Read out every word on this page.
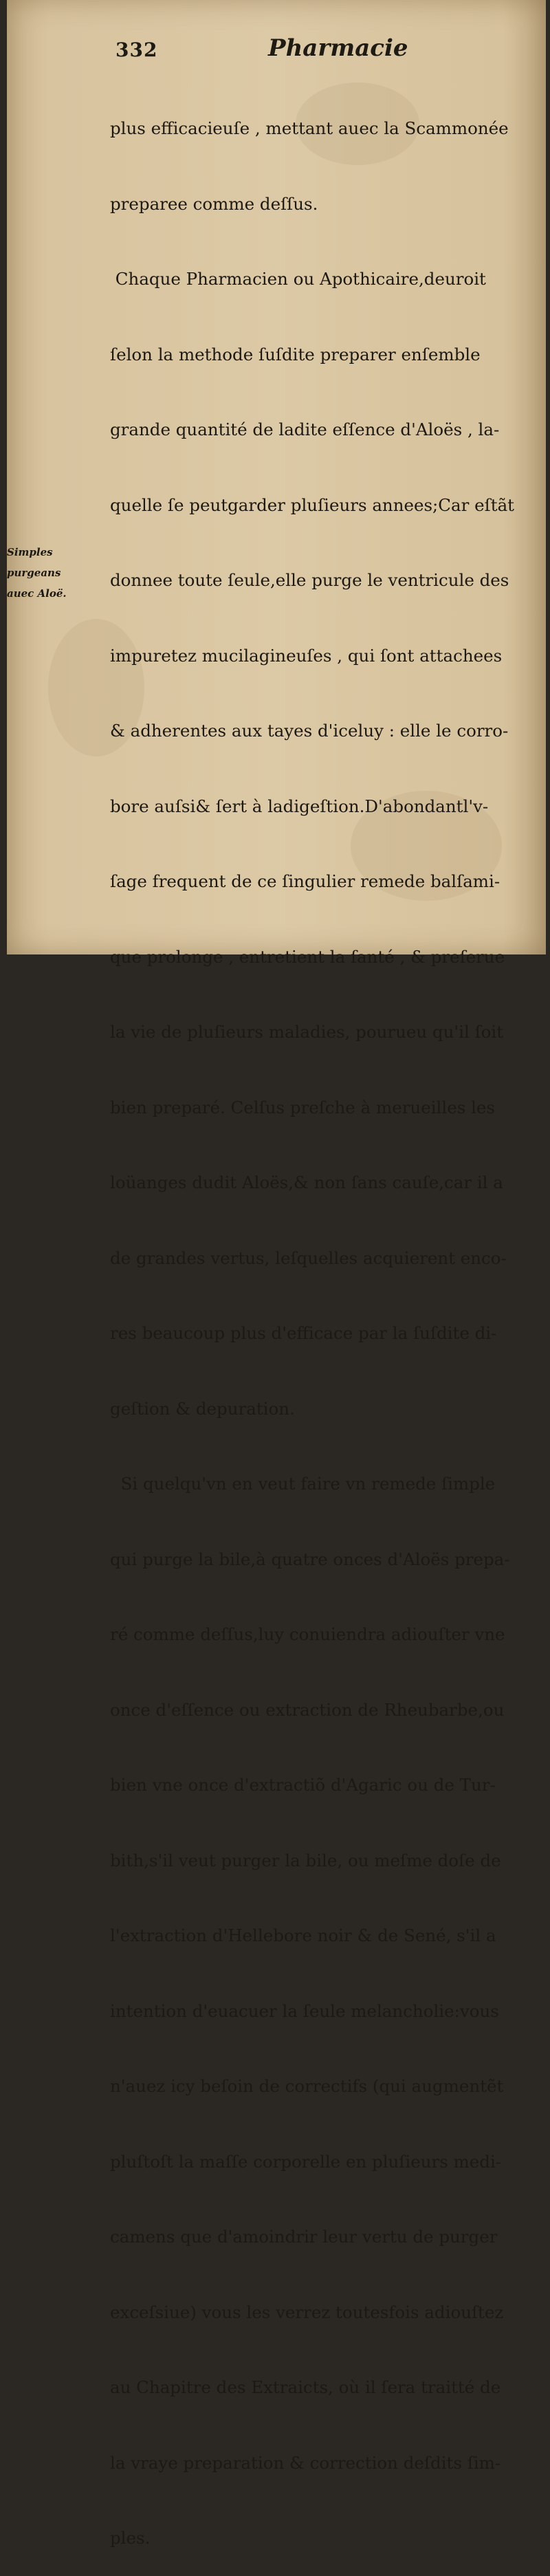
332	Pharmacie
Simples
purgeans
auec Aloë.

plus efficacieuſe , mettant auec la Scammonée

preparee comme deſſus.

Chaque Pharmacien ou Apothicaire,deuroit

ſelon la methode ſuſdite preparer enſemble

grande quantité de ladite eſſence d'Aloës , la-

quelle ſe peutgarder pluſieurs annees;Car eſtãt

donnee toute ſeule,elle purge le ventricule des

impuretez mucilagineuſes , qui ſont attachees

& adherentes aux tayes d'iceluy : elle le corro-

bore auſsi& ſert à ladigeſtion.D'abondantl'v-

ſage frequent de ce ſingulier remede balſami-

que prolonge , entretient la ſanté , & preſerue

la vie de pluſieurs maladies, pourueu qu'il ſoit

bien preparé. Celſus preſche à merueilles les

loüanges dudit Aloës,& non ſans cauſe,car il a

de grandes vertus, leſquelles acquierent enco-

res beaucoup plus d'efficace par la ſuſdite di-

geſtion & depuration.

Si quelqu'vn en veut faire vn remede ſimple

qui purge la bile,à quatre onces d'Aloës prepa-

ré comme deſſus,luy conuiendra adiouſter vne

once d'eſſence ou extraction de Rheubarbe,ou

bien vne once d'extractiõ d'Agaric ou de Tur-

bith,s'il veut purger la bile, ou meſme doſe de

l'extraction d'Hellebore noir & de Sené, s'il a

intention d'euacuer la ſeule melancholie:vous

n'auez icy beſoin de correctifs (qui augmentẽt

pluſtoſt la maſſe corporelle en pluſieurs medi-

camens que d'amoindrir leur vertu de purger

exceſsiue) vous les verrez toutesfois adiouſtez

au Chapitre des Extraicts, où il ſera traitté de

la vraye preparation & correction deſdits ſim-

ples.
